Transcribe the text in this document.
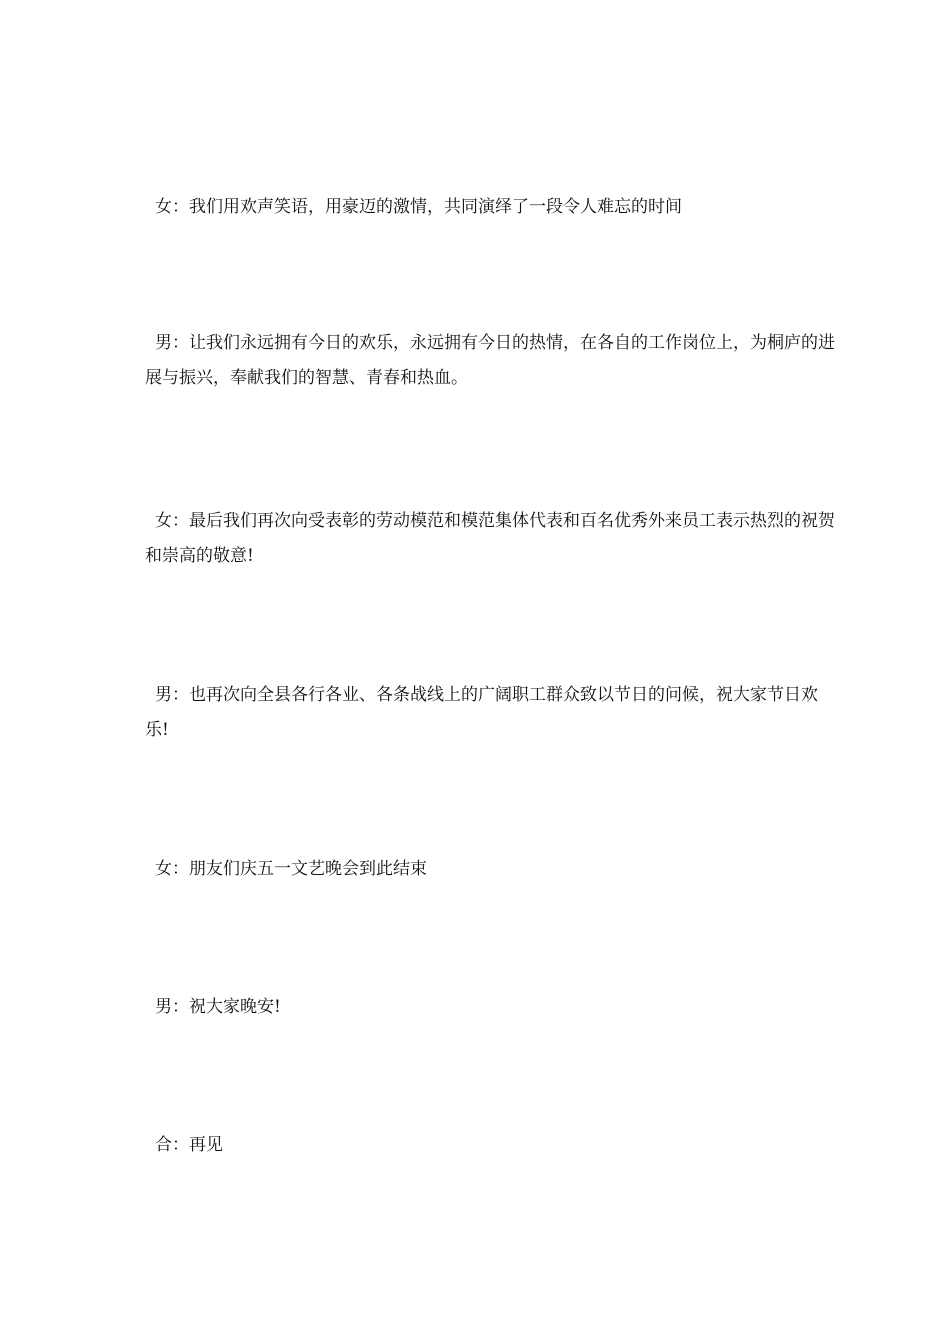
女：我们用欢声笑语，用豪迈的激情，共同演绎了一段令人难忘的时间

男：让我们永远拥有今日的欢乐，永远拥有今日的热情，在各自的工作岗位上，为桐庐的进展与振兴，奉献我们的智慧、青春和热血。

女：最后我们再次向受表彰的劳动模范和模范集体代表和百名优秀外来员工表示热烈的祝贺和崇高的敬意!

男：也再次向全县各行各业、各条战线上的广阔职工群众致以节日的问候，祝大家节日欢乐!

女：朋友们庆五一文艺晚会到此结束

男：祝大家晚安!

合：再见
